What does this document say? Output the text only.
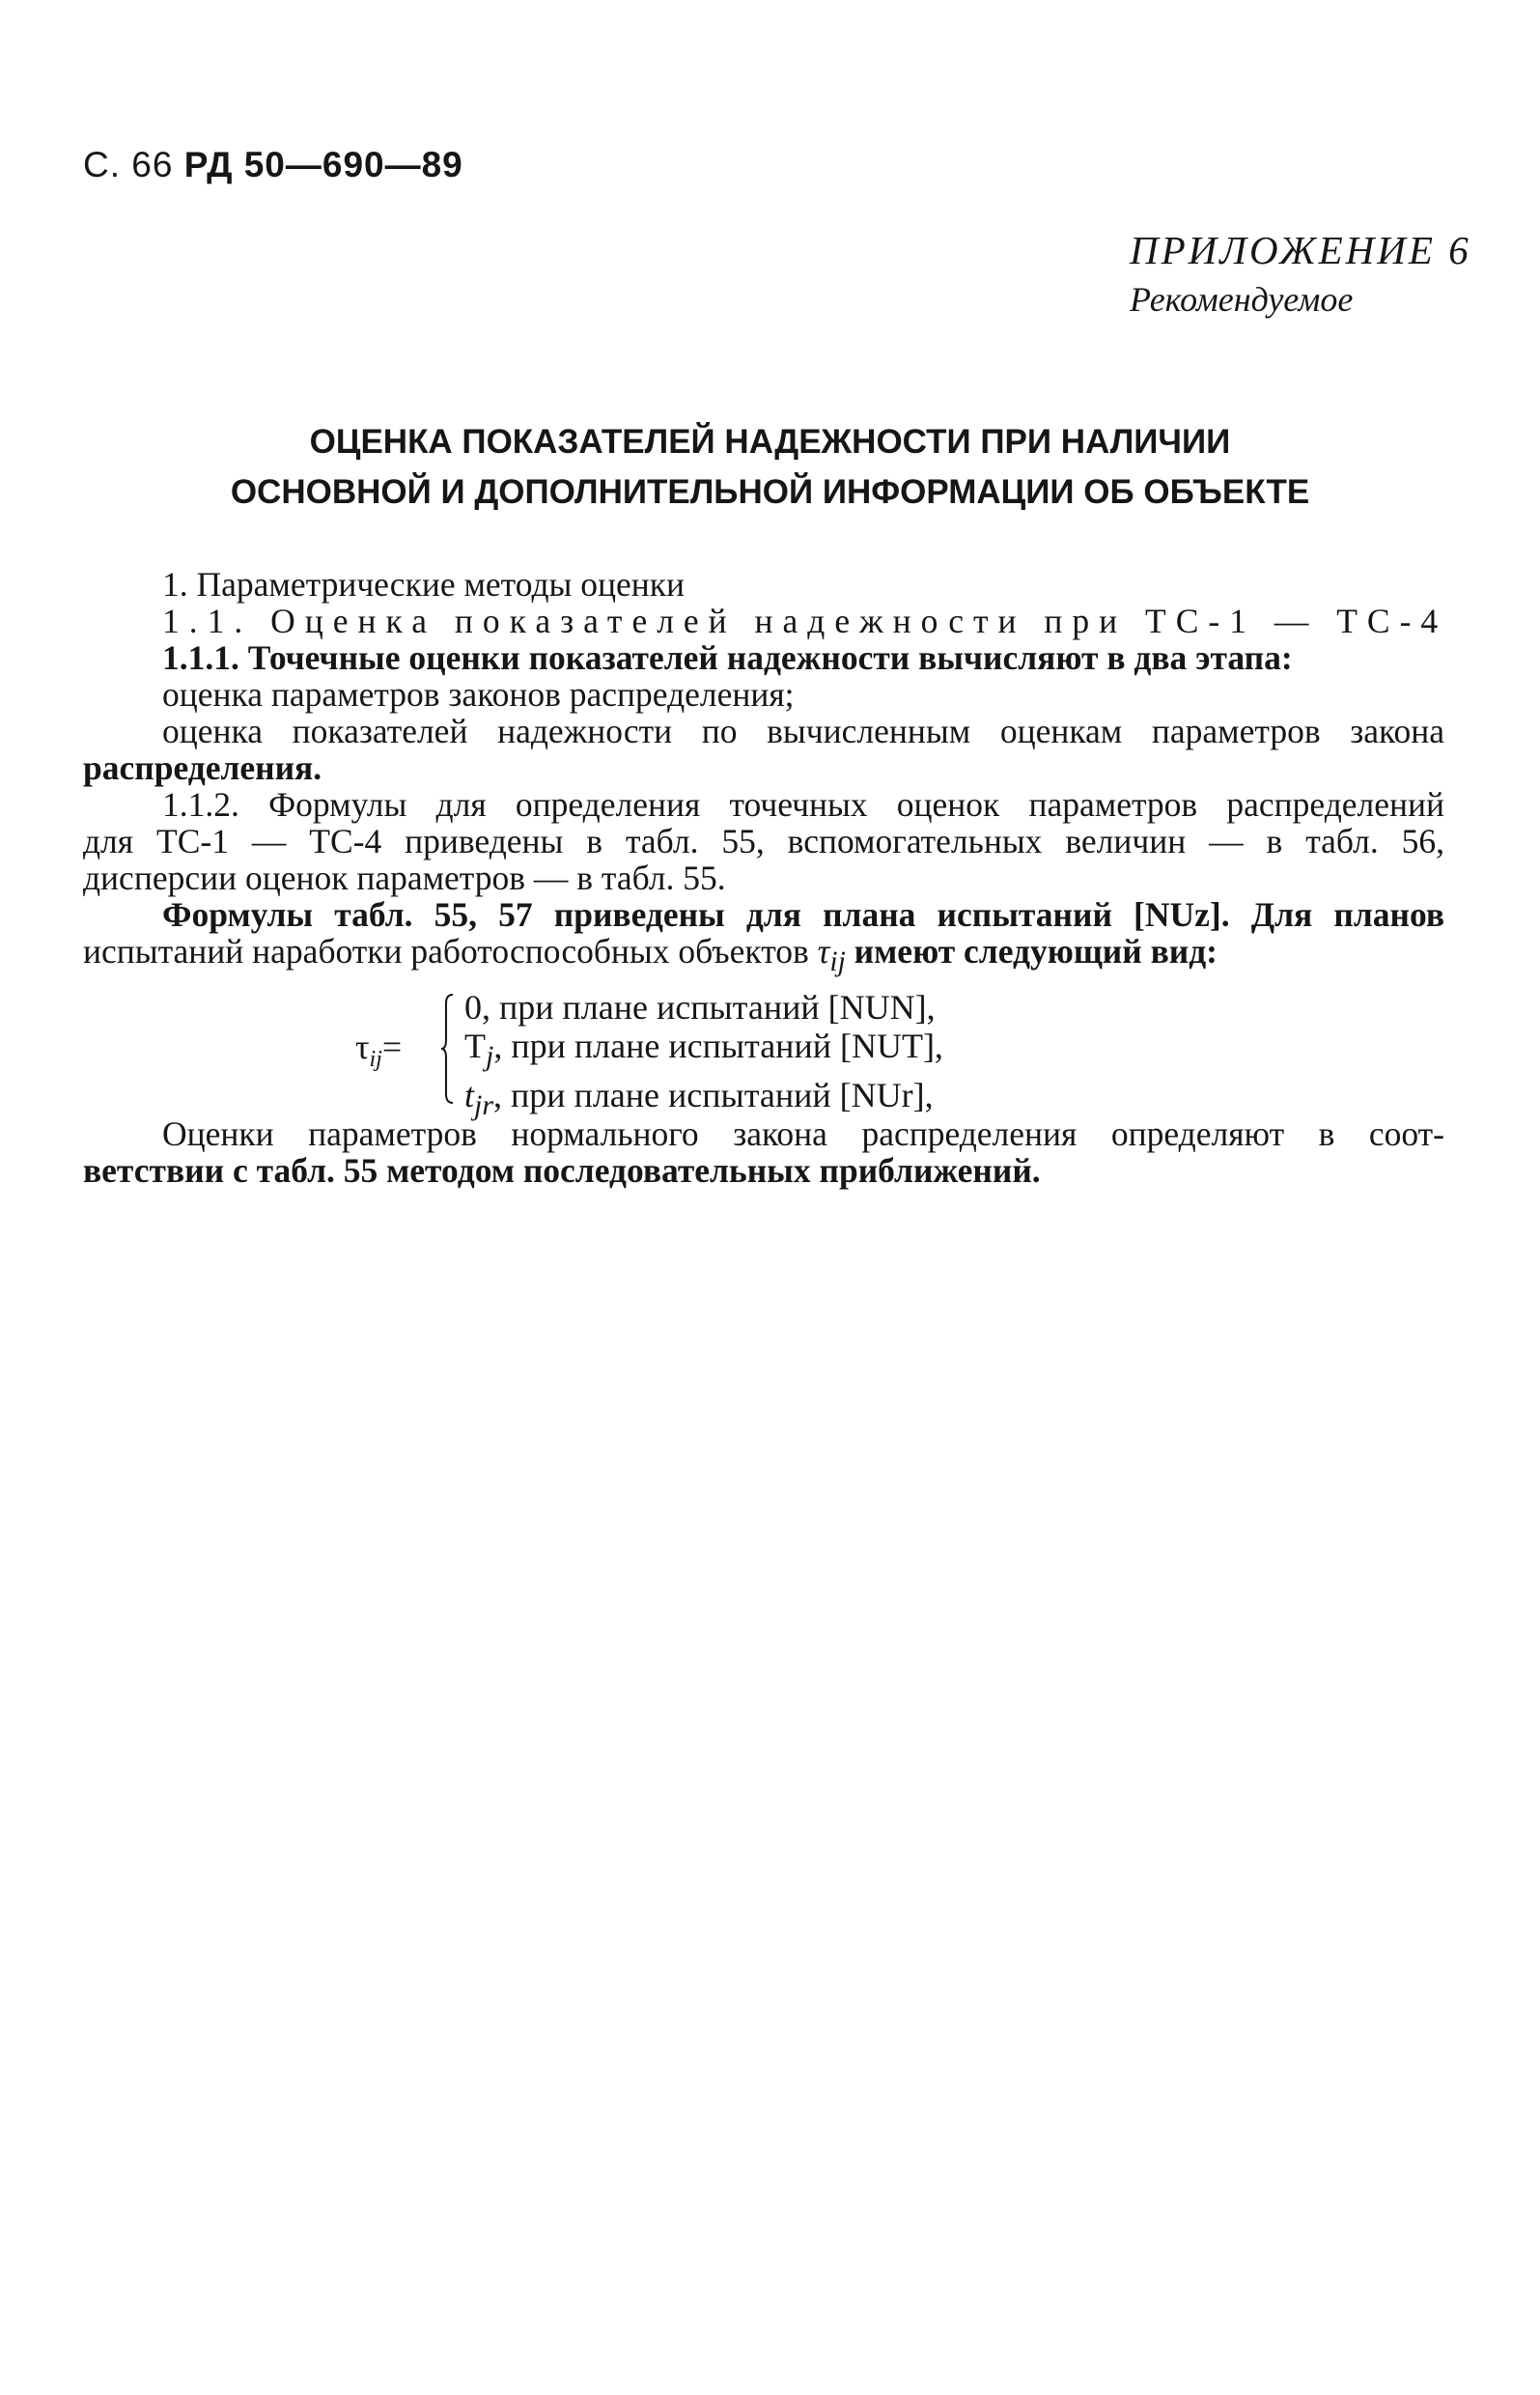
С. 66 РД 50—690—89
ПРИЛОЖЕНИЕ 6
Рекомендуемое
ОЦЕНКА ПОКАЗАТЕЛЕЙ НАДЕЖНОСТИ ПРИ НАЛИЧИИ
ОСНОВНОЙ И ДОПОЛНИТЕЛЬНОЙ ИНФОРМАЦИИ ОБ ОБЪЕКТЕ
1. Параметрические методы оценки
1.1. Оценка показателей надежности при ТС-1 — ТС-4
1.1.1. Точечные оценки показателей надежности вычисляют в два этапа:
оценка параметров законов распределения;
оценка показателей надежности по вычисленным оценкам параметров закона
распределения.
1.1.2. Формулы для определения точечных оценок параметров распределений
для ТС-1 — ТС-4 приведены в табл. 55, вспомогательных величин — в табл. 56,
дисперсии оценок параметров — в табл. 55.
Формулы табл. 55, 57 приведены для плана испытаний [NUz]. Для планов
испытаний наработки работоспособных объектов $\tau_{ij}$ имеют следующий вид:
$\tau_{ij}=$
0, при плане испытаний [NUN],
$T_j$, при плане испытаний [NUT],
$t_{jr}$, при плане испытаний [NUr],
Оценки параметров нормального закона распределения определяют в соот-
ветствии с табл. 55 методом последовательных приближений.
